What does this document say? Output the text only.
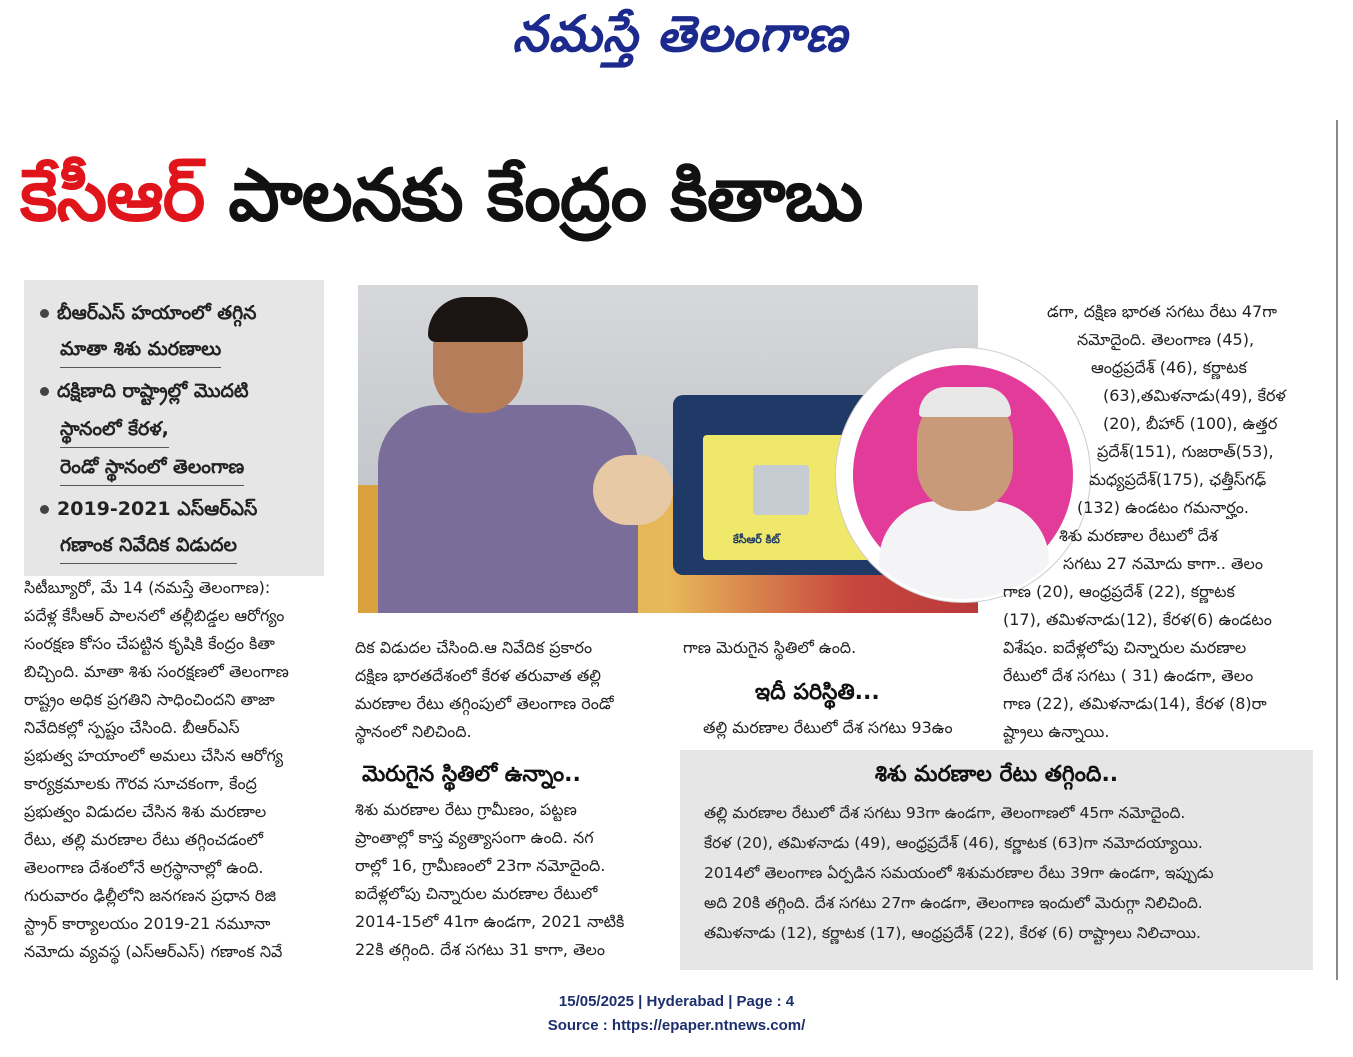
నమస్తే తెలంగాణ
కేసీఆర్ పాలనకు కేంద్రం కితాబు
బీఆర్ఎస్ హయాంలో తగ్గిన
మాతా శిశు మరణాలు
దక్షిణాది రాష్ట్రాల్లో మొదటి
స్థానంలో కేరళ,
రెండో స్థానంలో తెలంగాణ
2019-2021 ఎస్ఆర్ఎస్
గణాంక నివేదిక విడుదల
సిటీబ్యూరో, మే 14 (నమస్తే తెలంగాణ):
పదేళ్ల కేసీఆర్ పాలనలో తల్లీబిడ్డల ఆరోగ్యం
సంరక్షణ కోసం చేపట్టిన కృషికి కేంద్రం కితా
బిచ్చింది. మాతా శిశు సంరక్షణలో తెలంగాణ
రాష్ట్రం అధిక ప్రగతిని సాధించిందని తాజా
నివేదికల్లో స్పష్టం చేసింది. బీఆర్ఎస్
ప్రభుత్వ హయాంలో అమలు చేసిన ఆరోగ్య
కార్యక్రమాలకు గౌరవ సూచకంగా, కేంద్ర
ప్రభుత్వం విడుదల చేసిన శిశు మరణాల
రేటు, తల్లి మరణాల రేటు తగ్గించడంలో
తెలంగాణ దేశంలోనే అగ్రస్థానాల్లో ఉంది.
గురువారం ఢిల్లీలోని జనగణన ప్రధాన రిజి
స్ట్రార్ కార్యాలయం 2019-21 నమూనా
నమోదు వ్యవస్థ (ఎస్ఆర్ఎస్) గణాంక నివే
కేసీఆర్ కిట్
దిక విడుదల చేసింది.ఆ నివేదిక ప్రకారం
దక్షిణ భారతదేశంలో కేరళ తరువాత తల్లి
మరణాల రేటు తగ్గింపులో తెలంగాణ రెండో
స్థానంలో నిలిచింది.
మెరుగైన స్థితిలో ఉన్నాం..
శిశు మరణాల రేటు గ్రామీణం, పట్టణ
ప్రాంతాల్లో కాస్త వ్యత్యాసంగా ఉంది. నగ
రాల్లో 16, గ్రామీణంలో 23గా నమోదైంది.
ఐదేళ్లలోపు చిన్నారుల మరణాల రేటులో
2014-15లో 41గా ఉండగా, 2021 నాటికి
22కి తగ్గింది. దేశ సగటు 31 కాగా, తెలం
గాణ మెరుగైన స్థితిలో ఉంది.
ఇదీ పరిస్థితి...
తల్లి మరణాల రేటులో దేశ సగటు 93ఉం
డగా, దక్షిణ భారత సగటు రేటు 47గా
నమోదైంది. తెలంగాణ (45),
ఆంధ్రప్రదేశ్ (46), కర్ణాటక
(63),తమిళనాడు(49), కేరళ
(20), బీహార్ (100), ఉత్తర
ప్రదేశ్(151), గుజరాత్(53),
మధ్యప్రదేశ్(175), ఛత్తీస్‌గఢ్
(132) ఉండటం గమనార్హం.
శిశు మరణాల రేటులో దేశ
సగటు 27 నమోదు కాగా.. తెలం
గాణ (20), ఆంధ్రప్రదేశ్ (22), కర్ణాటక
(17), తమిళనాడు(12), కేరళ(6) ఉండటం
విశేషం. ఐదేళ్లలోపు చిన్నారుల మరణాల
రేటులో దేశ సగటు ( 31) ఉండగా, తెలం
గాణ (22), తమిళనాడు(14), కేరళ (8)రా
ష్ట్రాలు ఉన్నాయి.
శిశు మరణాల రేటు తగ్గింది..
తల్లి మరణాల రేటులో దేశ సగటు 93గా ఉండగా, తెలంగాణలో 45గా నమోదైంది.
కేరళ (20), తమిళనాడు (49), ఆంధ్రప్రదేశ్ (46), కర్ణాటక (63)గా నమోదయ్యాయి.
2014లో తెలంగాణ ఏర్పడిన సమయంలో శిశుమరణాల రేటు 39గా ఉండగా, ఇప్పుడు
అది 20కి తగ్గింది. దేశ సగటు 27గా ఉండగా, తెలంగాణ ఇందులో మెరుగ్గా నిలిచింది.
తమిళనాడు (12), కర్ణాటక (17), ఆంధ్రప్రదేశ్ (22), కేరళ (6) రాష్ట్రాలు నిలిచాయి.
15/05/2025 | Hyderabad | Page : 4
Source : https://epaper.ntnews.com/
